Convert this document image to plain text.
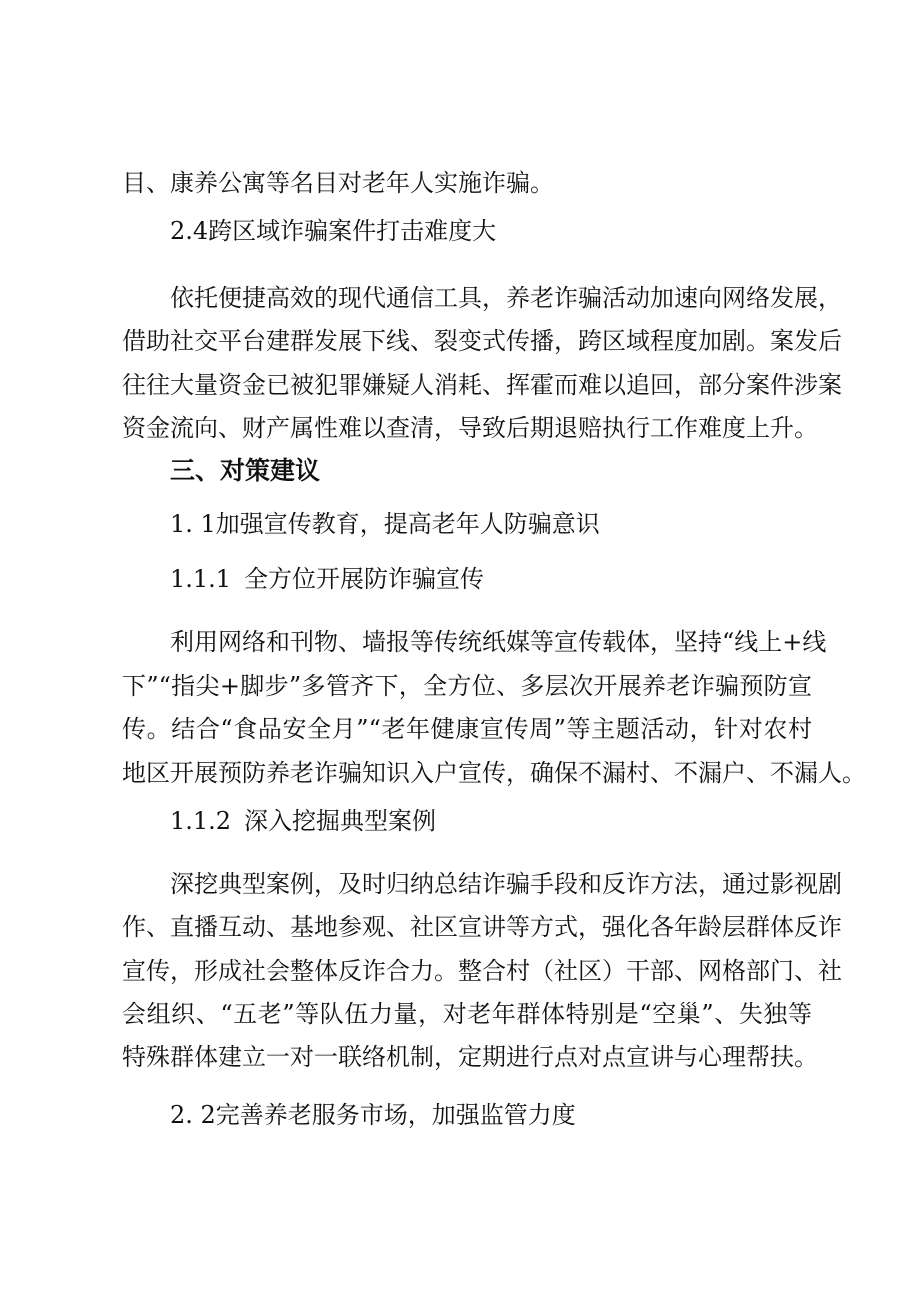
目、康养公寓等名目对老年人实施诈骗。
2.4跨区域诈骗案件打击难度大
依托便捷高效的现代通信工具，养老诈骗活动加速向网络发展，
借助社交平台建群发展下线、裂变式传播，跨区域程度加剧。案发后
往往大量资金已被犯罪嫌疑人消耗、挥霍而难以追回，部分案件涉案
资金流向、财产属性难以查清，导致后期退赔执行工作难度上升。
三、对策建议
1. 1加强宣传教育，提高老年人防骗意识
1.1.1 全方位开展防诈骗宣传
利用网络和刊物、墙报等传统纸媒等宣传载体，坚持“线上+线
下”“指尖+脚步”多管齐下，全方位、多层次开展养老诈骗预防宣
传。结合“食品安全月”“老年健康宣传周”等主题活动，针对农村
地区开展预防养老诈骗知识入户宣传，确保不漏村、不漏户、不漏人。
1.1.2 深入挖掘典型案例
深挖典型案例，及时归纳总结诈骗手段和反诈方法，通过影视剧
作、直播互动、基地参观、社区宣讲等方式，强化各年龄层群体反诈
宣传，形成社会整体反诈合力。整合村（社区）干部、网格部门、社
会组织、“五老”等队伍力量，对老年群体特别是“空巢”、失独等
特殊群体建立一对一联络机制，定期进行点对点宣讲与心理帮扶。
2. 2完善养老服务市场，加强监管力度
